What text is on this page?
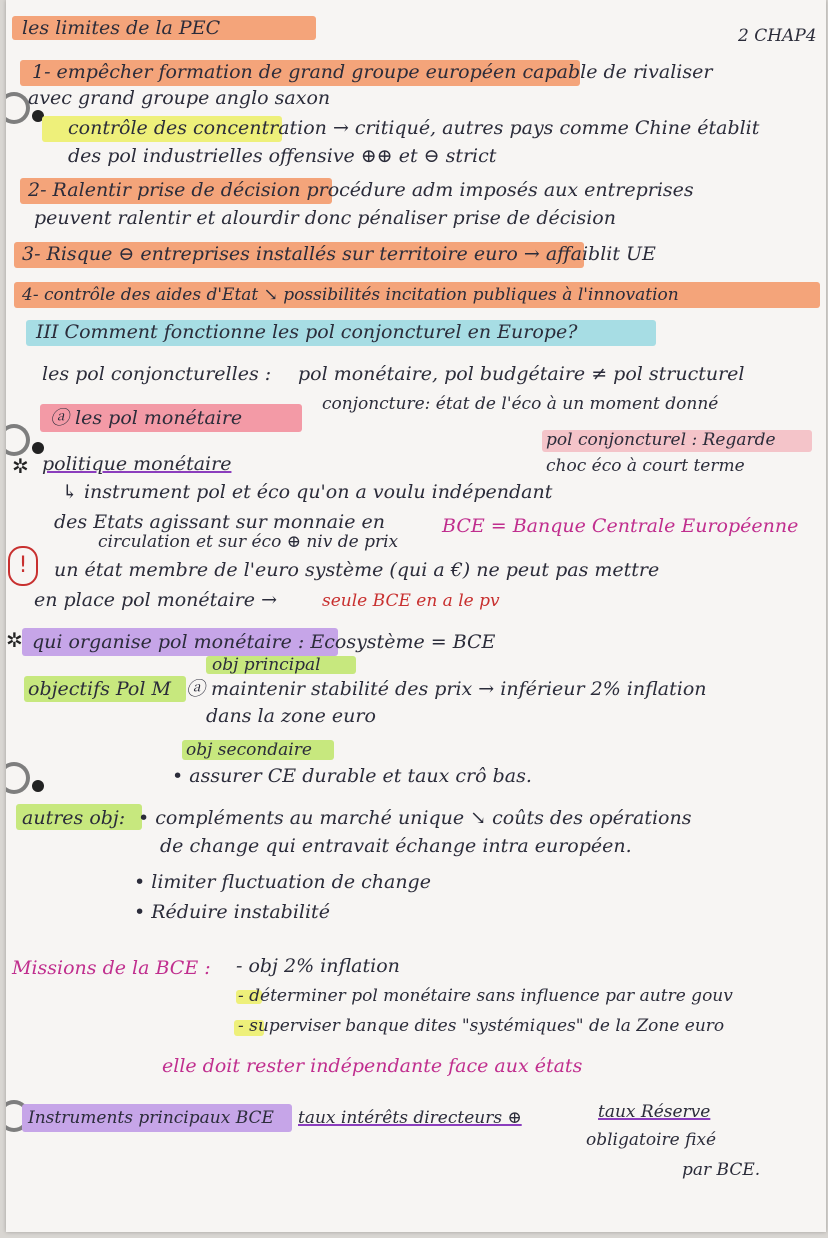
les limites de la PEC	2 CHAP4
1- empêcher formation de grand groupe européen capable de rivaliser
avec grand groupe anglo saxon
contrôle des concentration → critiqué, autres pays comme Chine établit
des pol industrielles offensive ⊕⊕ et ⊖ strict
2- Ralentir prise de décision procédure adm imposés aux entreprises
peuvent ralentir et alourdir donc pénaliser prise de décision
3- Risque ⊖ entreprises installés sur territoire euro → affaiblit UE
4- contrôle des aides d'Etat ↘ possibilités incitation publiques à l'innovation
III Comment fonctionne les pol conjoncturel en Europe?
les pol conjoncturelles : pol monétaire, pol budgétaire ≠ pol structurel
conjoncture: état de l'éco à un moment donné
ⓐ les pol monétaire
pol conjoncturel : Regarde
choc éco à court terme
✲ politique monétaire
↳ instrument pol et éco qu'on a voulu indépendant
des Etats agissant sur monnaie en
circulation et sur éco ⊕ niv de prix
BCE = Banque Centrale Européenne
!	un état membre de l'euro système (qui a €) ne peut pas mettre
en place pol monétaire →	seule BCE en a le pv
✲ qui organise pol monétaire : Ecosystème = BCE
obj principal
objectifs Pol M ⓐ maintenir stabilité des prix → inférieur 2% inflation
dans la zone euro
obj secondaire
• assurer CE durable et taux crô bas.
autres obj: • compléments au marché unique ↘ coûts des opérations
de change qui entravait échange intra européen.
• limiter fluctuation de change
• Réduire instabilité
Missions de la BCE : - obj 2% inflation
- déterminer pol monétaire sans influence par autre gouv
- superviser banque dites "systémiques" de la Zone euro
elle doit rester indépendante face aux états
Instruments principaux BCE taux intérêts directeurs ⊕	taux Réserve
obligatoire fixé
par BCE.
